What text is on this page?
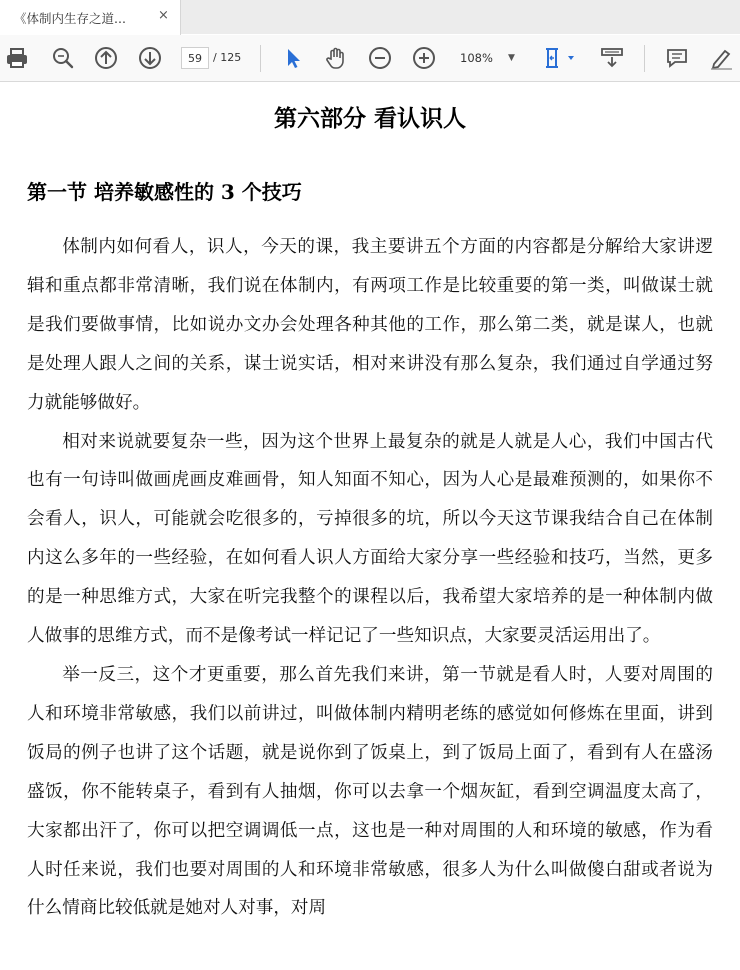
《体制内生存之道... ×
59	/ 125	108% ▼
第六部分 看认识人
第一节 培养敏感性的 3 个技巧

体制内如何看人，识人，今天的课，我主要讲五个方面的内容都是分解给大家讲逻辑和重点都非常清晰，我们说在体制内，有两项工作是比较重要的第一类，叫做谋士就是我们要做事情，比如说办文办会处理各种其他的工作，那么第二类，就是谋人，也就是处理人跟人之间的关系，谋士说实话，相对来讲没有那么复杂，我们通过自学通过努力就能够做好。

相对来说就要复杂一些，因为这个世界上最复杂的就是人就是人心，我们中国古代也有一句诗叫做画虎画皮难画骨，知人知面不知心，因为人心是最难预测的，如果你不会看人，识人，可能就会吃很多的，亏掉很多的坑，所以今天这节课我结合自己在体制内这么多年的一些经验，在如何看人识人方面给大家分享一些经验和技巧，当然，更多的是一种思维方式，大家在听完我整个的课程以后，我希望大家培养的是一种体制内做人做事的思维方式，而不是像考试一样记记了一些知识点，大家要灵活运用出了。

举一反三，这个才更重要，那么首先我们来讲，第一节就是看人时，人要对周围的人和环境非常敏感，我们以前讲过，叫做体制内精明老练的感觉如何修炼在里面，讲到饭局的例子也讲了这个话题，就是说你到了饭桌上，到了饭局上面了，看到有人在盛汤盛饭，你不能转桌子，看到有人抽烟，你可以去拿一个烟灰缸，看到空调温度太高了，大家都出汗了，你可以把空调调低一点，这也是一种对周围的人和环境的敏感，作为看人时任来说，我们也要对周围的人和环境非常敏感，很多人为什么叫做傻白甜或者说为什么情商比较低就是她对人对事，对周
